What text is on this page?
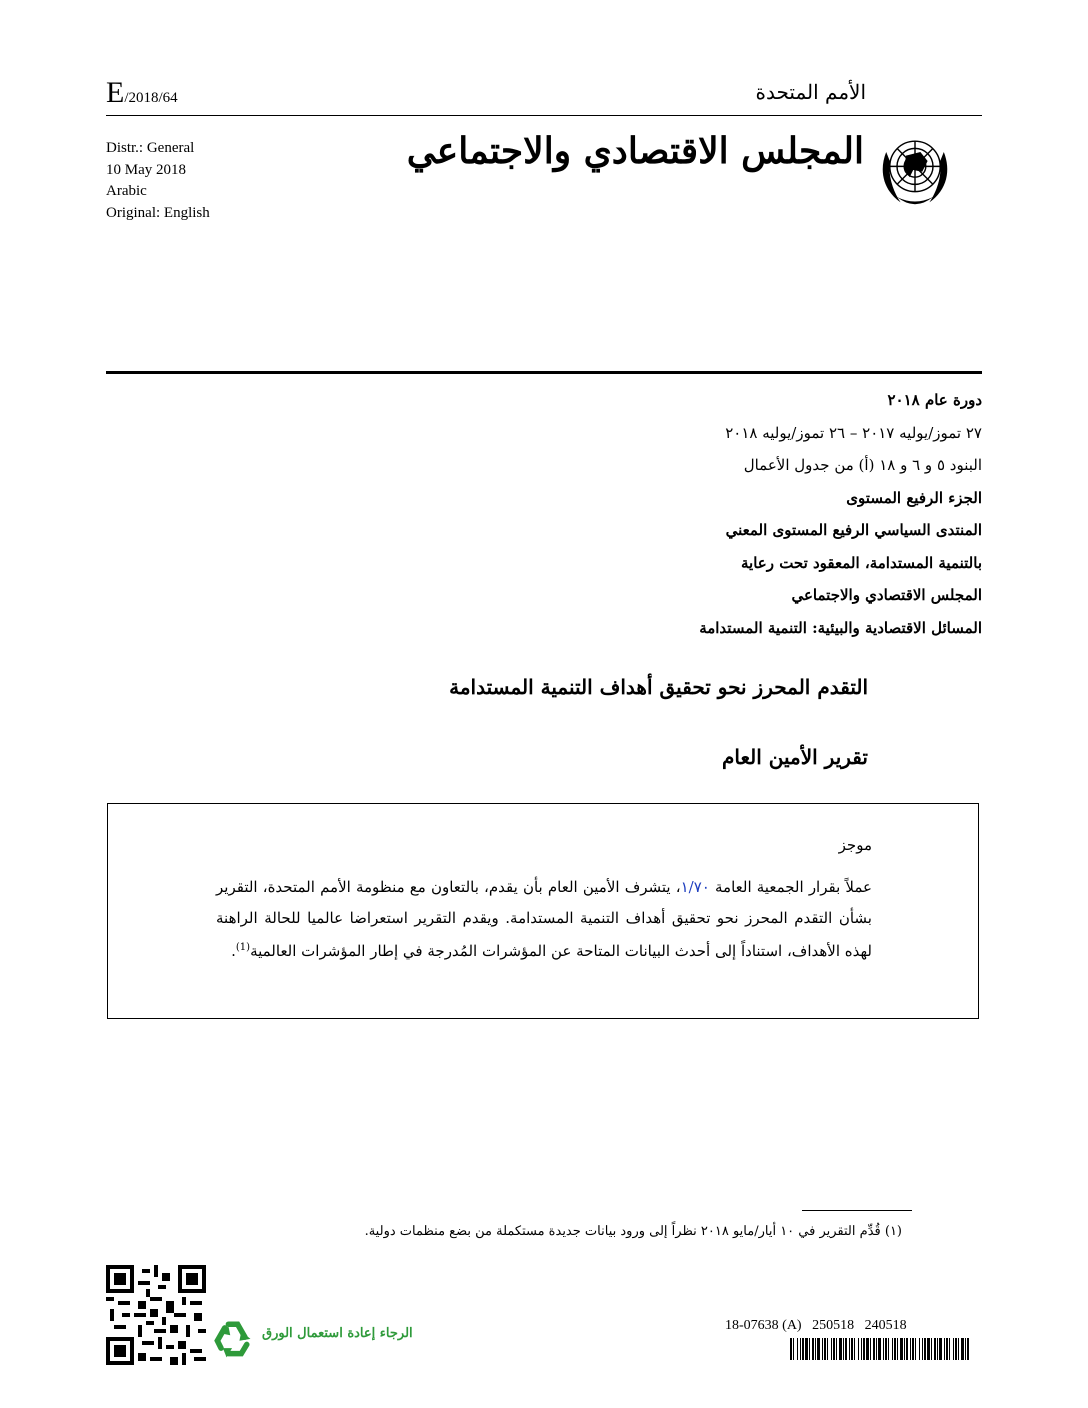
E/2018/64	الأمم المتحدة
Distr.: General
10 May 2018
Arabic
Original: English
المجلس الاقتصادي والاجتماعي
دورة عام ٢٠١٨
٢٧ تموز/يوليه ٢٠١٧ – ٢٦ تموز/يوليه ٢٠١٨
البنود ٥ و ٦ و ١٨ (أ) من جدول الأعمال
الجزء الرفيع المستوى
المنتدى السياسي الرفيع المستوى المعني
بالتنمية المستدامة، المعقود تحت رعاية
المجلس الاقتصادي والاجتماعي
المسائل الاقتصادية والبيئية: التنمية المستدامة
التقدم المحرز نحو تحقيق أهداف التنمية المستدامة
تقرير الأمين العام
موجز
عملاً بقرار الجمعية العامة ١/٧٠، يتشرف الأمين العام بأن يقدم، بالتعاون مع منظومة الأمم المتحدة، التقرير بشأن التقدم المحرز نحو تحقيق أهداف التنمية المستدامة. ويقدم التقرير استعراضا عالميا للحالة الراهنة لهذه الأهداف، استناداً إلى أحدث البيانات المتاحة عن المؤشرات المُدرجة في إطار المؤشرات العالمية$^{(1)}$.
(١) قُدِّم التقرير في ١٠ أيار/مايو ٢٠١٨ نظراً إلى ورود بيانات جديدة مستكملة من بضع منظمات دولية.
الرجاء إعادة استعمال الورق
18-07638 (A)   250518   240518
